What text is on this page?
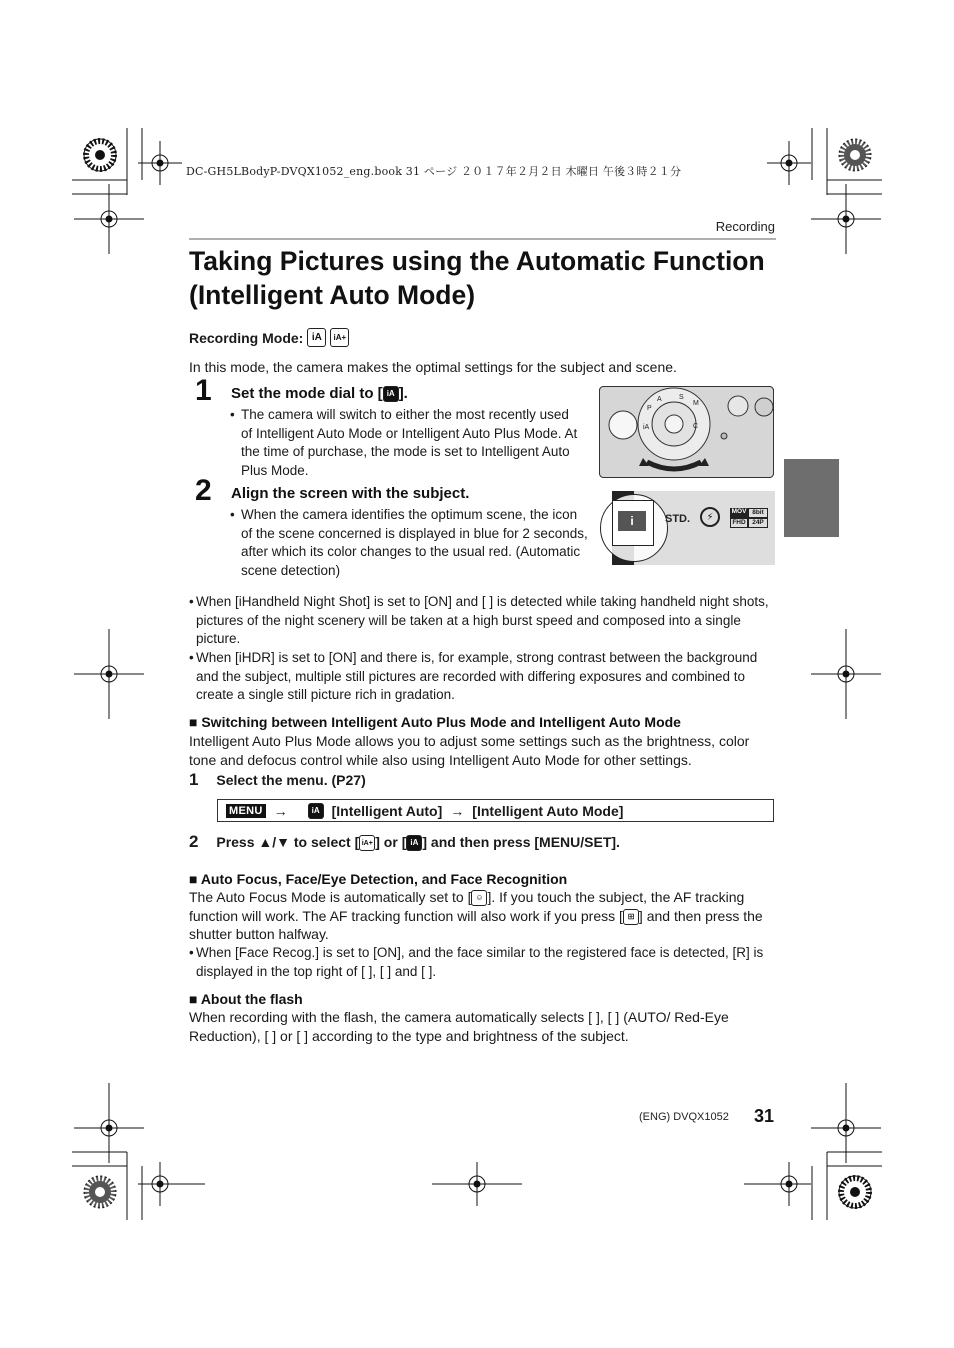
DC-GH5LBodyP-DVQX1052_eng.book 31 ページ ２０１７年２月２日 木曜日 午後３時２１分
Recording
Taking Pictures using the Automatic Function
(Intelligent Auto Mode)
Recording Mode: iA	iA+
In this mode, the camera makes the optimal settings for the subject and scene.
1 Set the mode dial to [ iA ].
• The camera will switch to either the most recently used of Intelligent Auto Mode or Intelligent Auto Plus Mode. At the time of purchase, the mode is set to Intelligent Auto Plus Mode.
P
A S
M
iA	C
2 Align the screen with the subject.
• When the camera identifies the optimum scene, the icon of the scene concerned is displayed in blue for 2 seconds, after which its color changes to the usual red. (Automatic scene detection)
i	STD.	⚡	MOV 8bit
FHD	24P
• When [iHandheld Night Shot] is set to [ON] and [ ] is detected while taking handheld night shots, pictures of the night scenery will be taken at a high burst speed and composed into a single picture.
• When [iHDR] is set to [ON] and there is, for example, strong contrast between the background and the subject, multiple still pictures are recorded with differing exposures and combined to create a single still picture rich in gradation.
■ Switching between Intelligent Auto Plus Mode and Intelligent Auto Mode
Intelligent Auto Plus Mode allows you to adjust some settings such as the brightness, color tone and defocus control while also using Intelligent Auto Mode for other settings.
1 Select the menu. (P27)
MENU →	iA [Intelligent Auto] → [Intelligent Auto Mode]
2 Press ▲/▼ to select [ iA+ ] or [ iA ] and then press [MENU/SET].
■ Auto Focus, Face/Eye Detection, and Face Recognition
The Auto Focus Mode is automatically set to [ ☺ ]. If you touch the subject, the AF tracking function will work. The AF tracking function will also work if you press [ ⊞ ] and then press the shutter button halfway.
• When [Face Recog.] is set to [ON], and the face similar to the registered face is detected, [R] is displayed in the top right of [ ], [ ] and [ ].
■ About the flash
When recording with the flash, the camera automatically selects [ ], [ ] (AUTO/ Red-Eye Reduction), [ ] or [ ] according to the type and brightness of the subject.
(ENG) DVQX1052 31
